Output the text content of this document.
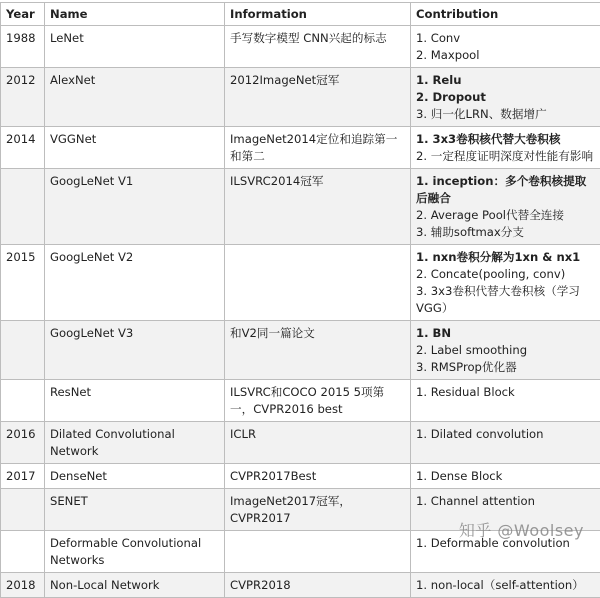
Year	Name	Information	Contribution
1988	LeNet	手写数字模型 CNN兴起的标志	1. Conv
2. Maxpool

2012	AlexNet	2012ImageNet冠军	1. Relu
2. Dropout
3. 归一化LRN、数据增广

2014	VGGNet	ImageNet2014定位和追踪第一和第二	1. 3x3卷积核代替大卷积核
2. 一定程度证明深度对性能有影响

	GoogLeNet V1	ILSVRC2014冠军	1. inception：多个卷积核提取后融合
2. Average Pool代替全连接
3. 辅助softmax分支

2015	GoogLeNet V2		1. nxn卷积分解为1xn & nx1
2. Concate(pooling, conv)
3. 3x3卷积代替大卷积核（学习VGG）

	GoogLeNet V3	和V2同一篇论文	1. BN
2. Label smoothing
3. RMSProp优化器

	ResNet	ILSVRC和COCO 2015 5项第一，CVPR2016 best	1. Residual Block

2016	Dilated Convolutional Network	ICLR	1. Dilated convolution

2017	DenseNet	CVPR2017Best	1. Dense Block

	SENET	ImageNet2017冠军，CVPR2017	1. Channel attention

	Deformable Convolutional Networks		1. Deformable convolution

2018	Non-Local Network	CVPR2018	1. non-local（self-attention）
知乎 @Woolsey
